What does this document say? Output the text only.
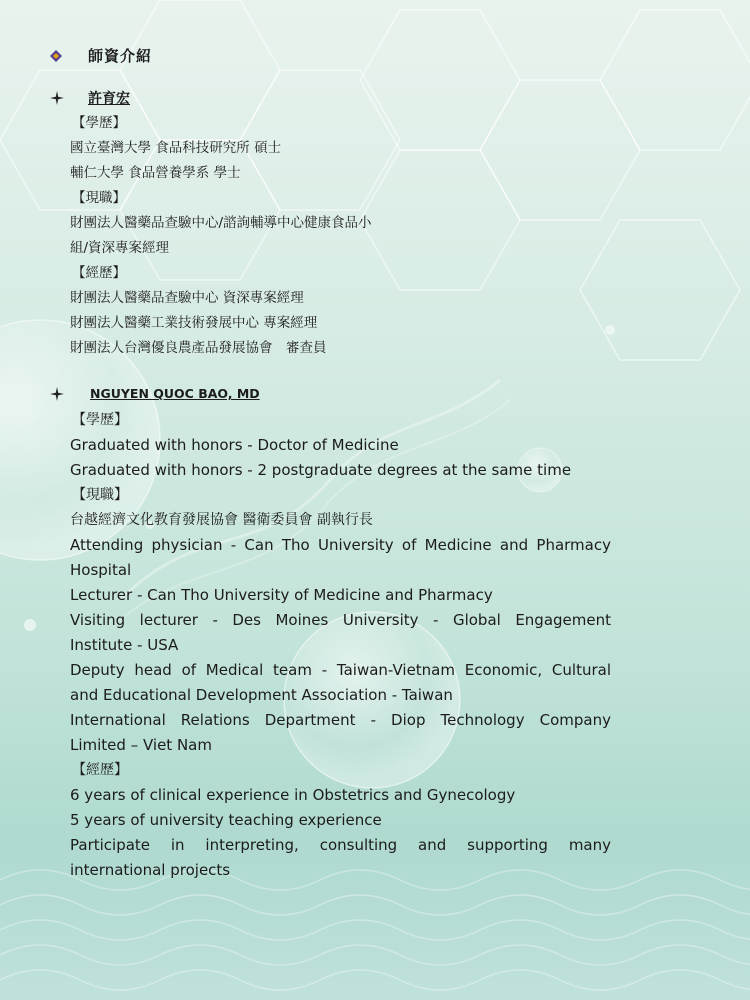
師資介紹
許育宏
【學歷】
國立臺灣大學 食品科技研究所 碩士
輔仁大學 食品營養學系 學士
【現職】
財團法人醫藥品查驗中心/諮詢輔導中心健康食品小
組/資深專案經理
【經歷】
財團法人醫藥品查驗中心 資深專案經理
財團法人醫藥工業技術發展中心 專案經理
財團法人台灣優良農產品發展協會　審查員
NGUYEN QUOC BAO, MD
【學歷】
Graduated with honors - Doctor of Medicine
Graduated with honors - 2 postgraduate degrees at the same time
【現職】
台越經濟文化教育發展協會 醫衛委員會 副執行長
Attending physician - Can Tho University of Medicine and Pharmacy
Hospital
Lecturer - Can Tho University of Medicine and Pharmacy
Visiting lecturer - Des Moines University - Global Engagement
Institute - USA
Deputy head of Medical team - Taiwan-Vietnam Economic, Cultural
and Educational Development Association - Taiwan
International Relations Department - Diop Technology Company
Limited – Viet Nam
【經歷】
6 years of clinical experience in Obstetrics and Gynecology
5 years of university teaching experience
Participate in interpreting, consulting and supporting many
international projects
